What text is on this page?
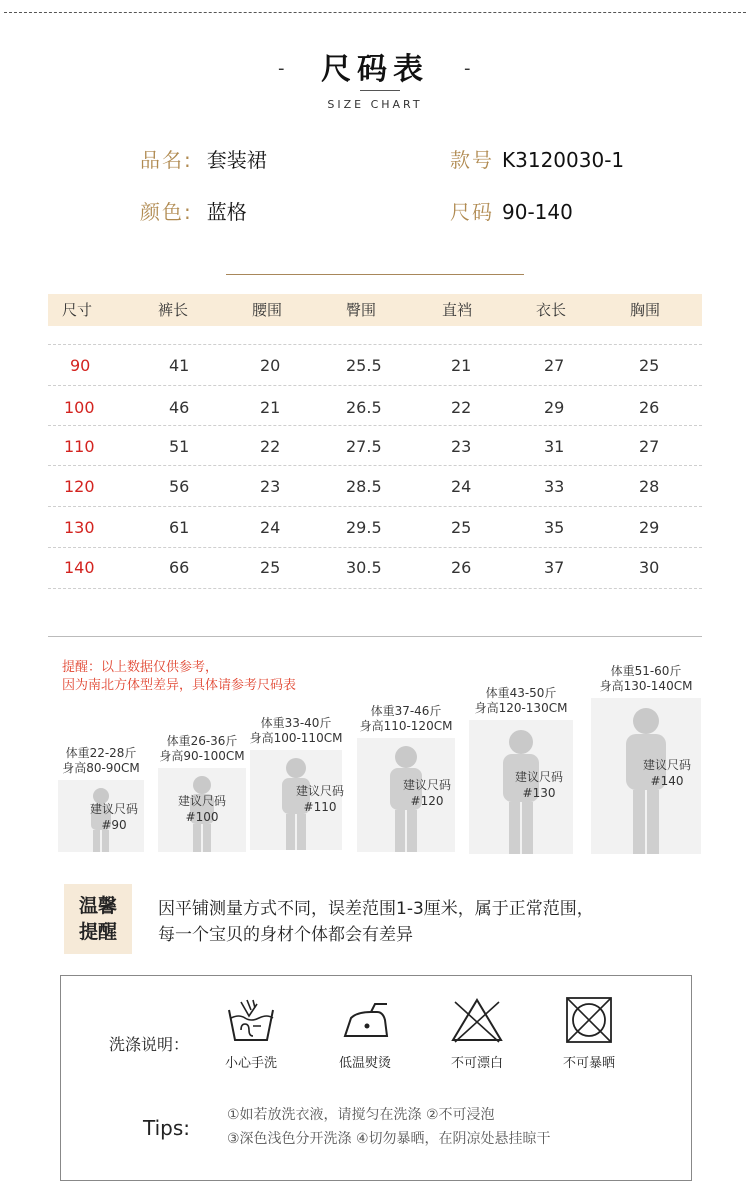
-	尺码表	-
SIZE CHART
品名: 套装裙	款号 K3120030-1
颜色: 蓝格	尺码 90-140
尺寸	裤长	腰围	臀围	直裆	衣长	胸围
90	41	20	25.5	21	27	25
100	46	21	26.5	22	29	26
110	51	22	27.5	23	31	27
120	56	23	28.5	24	33	28
130	61	24	29.5	25	35	29
140	66	25	30.5	26	37	30
提醒：以上数据仅供参考，
因为南北方体型差异，具体请参考尺码表
体重22-28斤
身高80-90CM
建议尺码
#90
体重26-36斤
身高90-100CM
建议尺码
#100
体重33-40斤
身高100-110CM
建议尺码
#110
体重37-46斤
身高110-120CM
建议尺码
#120
体重43-50斤
身高120-130CM
建议尺码
#130
体重51-60斤
身高130-140CM
建议尺码
#140
温馨
提醒
因平铺测量方式不同，误差范围1-3厘米，属于正常范围，
每一个宝贝的身材个体都会有差异
洗涤说明：
小心手洗	低温熨烫	不可漂白	不可暴晒
Tips:
①如若放洗衣液，请搅匀在洗涤 ②不可浸泡
③深色浅色分开洗涤 ④切勿暴晒，在阴凉处悬挂晾干
